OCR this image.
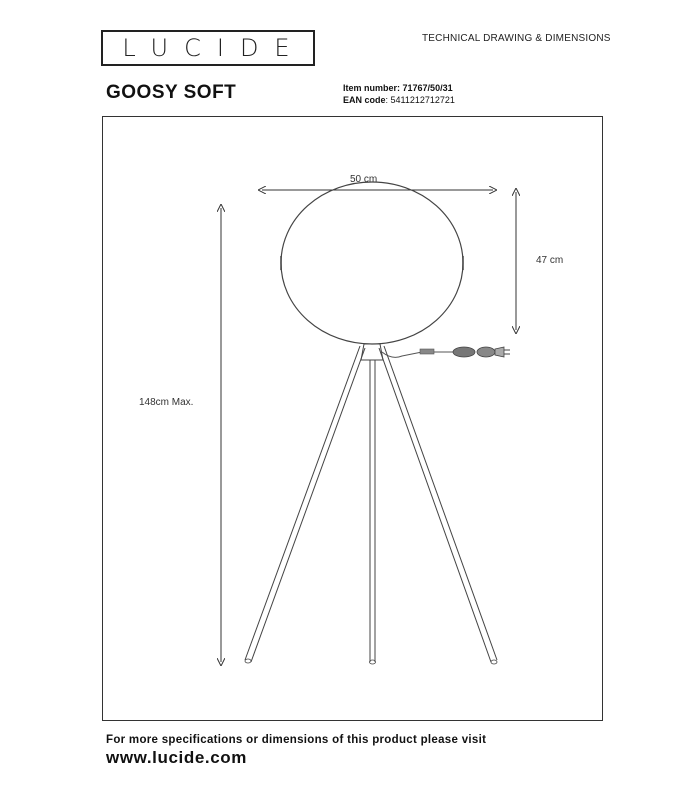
LUCIDE	TECHNICAL DRAWING & DIMENSIONS
GOOSY SOFT	Item number: 71767/50/31
EAN code: 5411212712721
50 cm
47 cm
148cm Max.
For more specifications or dimensions of this product please visit
www.lucide.com
